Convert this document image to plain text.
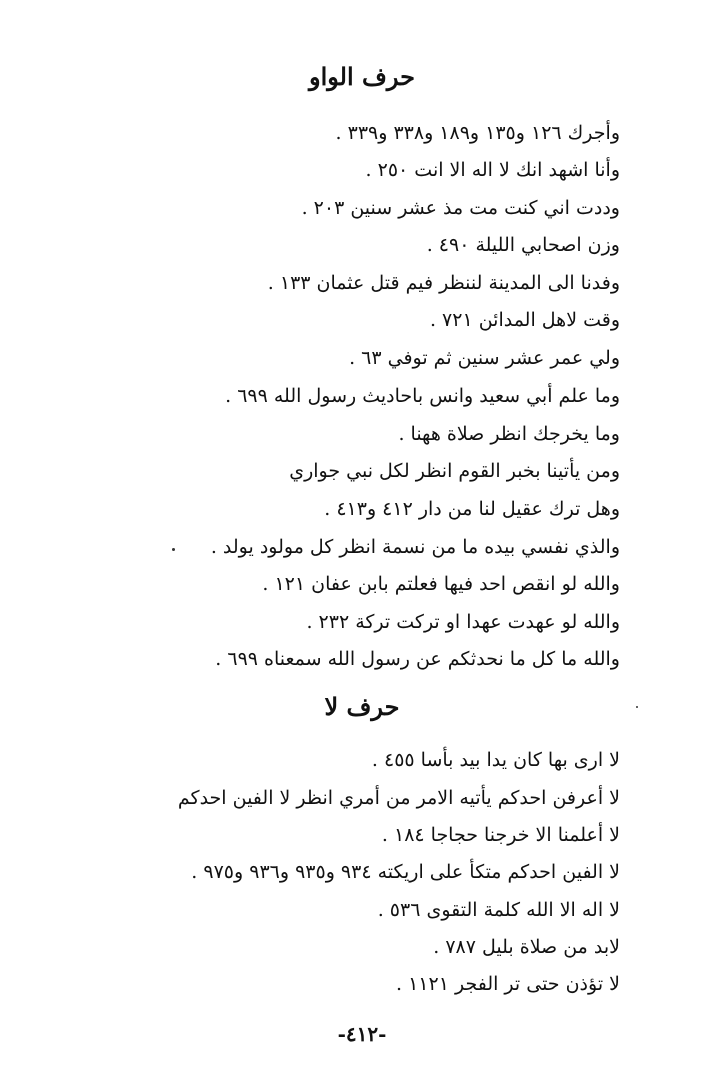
حرف الواو
وأجرك ١٢٦ و١٣٥ و١٨٩ و٣٣٨ و٣٣٩ .
وأنا اشهد انك لا اله الا انت ٢٥٠ .
وددت اني كنت مت مذ عشر سنين ٢٠٣ .
وزن اصحابي الليلة ٤٩٠ .
وفدنا الى المدينة لننظر فيم قتل عثمان ١٣٣ .
وقت لاهل المدائن ٧٢١ .
ولي عمر عشر سنين ثم توفي ٦٣ .
وما علم أبي سعيد وانس باحاديث رسول الله ٦٩٩ .
وما يخرجك انظر صلاة ههنا .
ومن يأتينا بخبر القوم انظر لكل نبي جواري
وهل ترك عقيل لنا من دار ٤١٢ و٤١٣ .
والذي نفسي بيده ما من نسمة انظر كل مولود يولد .
والله لو انقص احد فيها فعلتم بابن عفان ١٢١ .
والله لو عهدت عهدا او تركت تركة ٢٣٢ .
والله ما كل ما نحدثكم عن رسول الله سمعناه ٦٩٩ .
حرف لا
لا ارى بها كان يدا بيد بأسا ٤٥٥ .
لا أعرفن احدكم يأتيه الامر من أمري انظر لا الفين احدكم
لا أعلمنا الا خرجنا حجاجا ١٨٤ .
لا الفين احدكم متكأ على اريكته ٩٣٤ و٩٣٥ و٩٣٦ و٩٧٥ .
لا اله الا الله كلمة التقوى ٥٣٦ .
لابد من صلاة بليل ٧٨٧ .
لا تؤذن حتى تر الفجر ١١٢١ .
-٤١٢-
